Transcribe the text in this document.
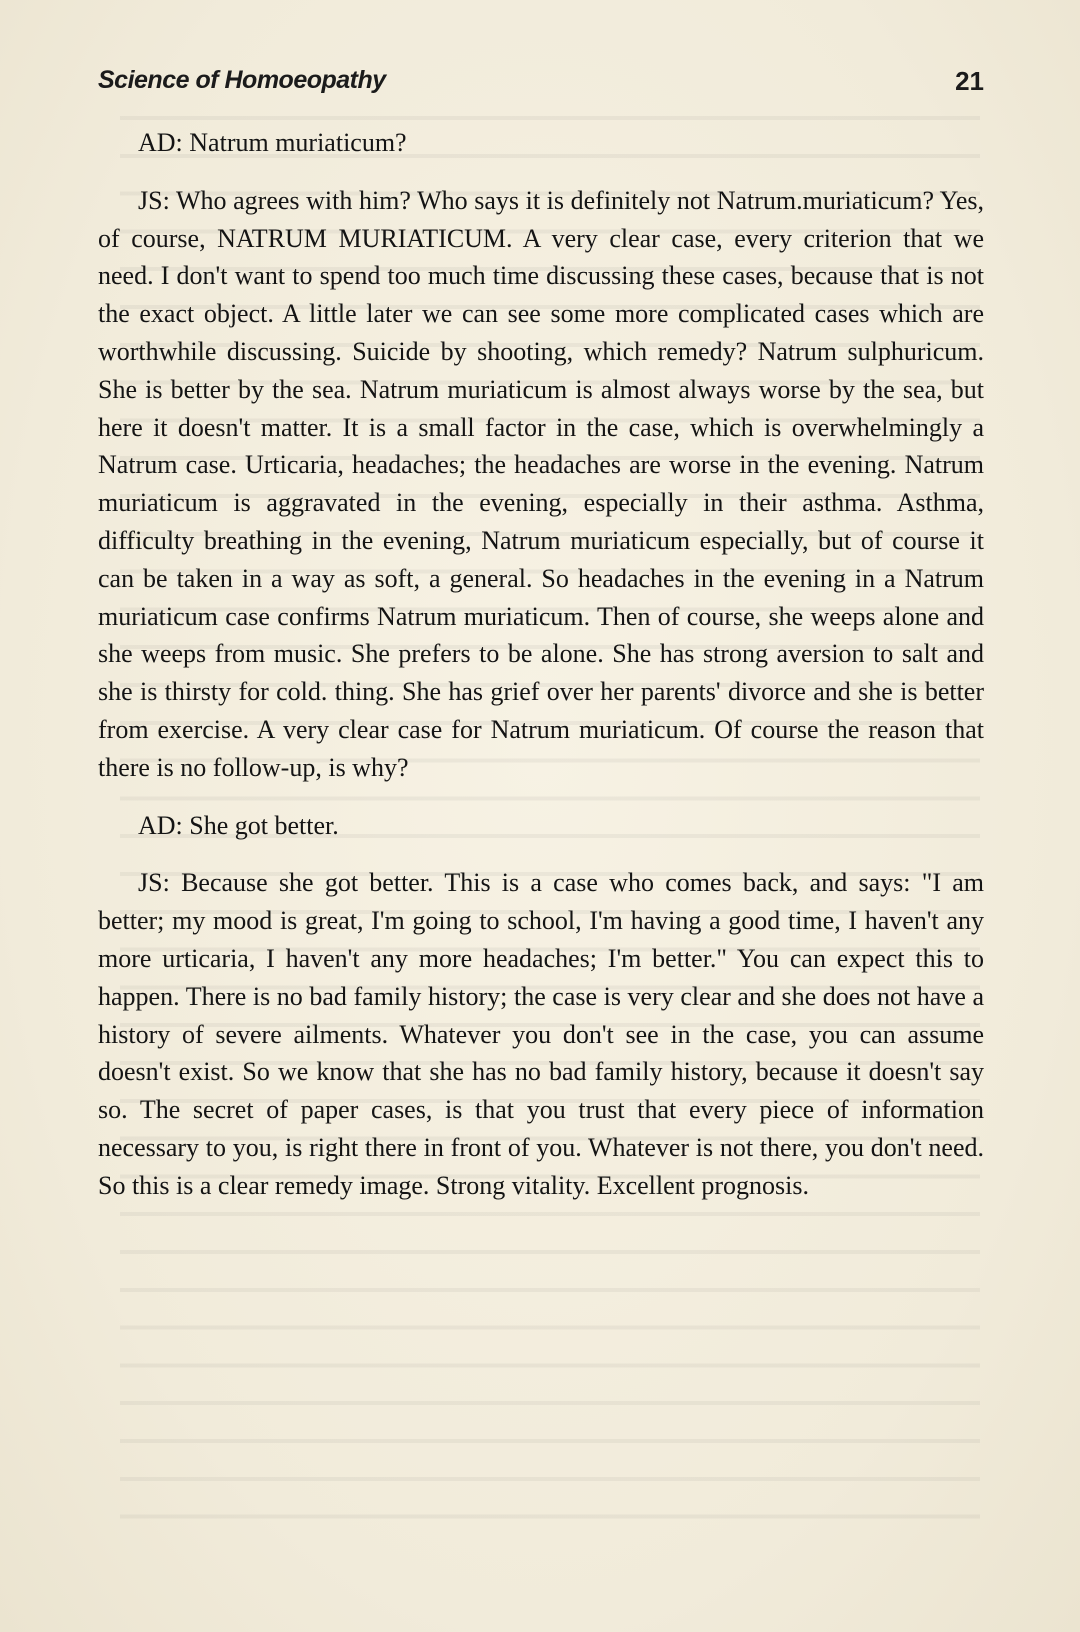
Science of Homoeopathy	21

AD: Natrum muriaticum?

JS: Who agrees with him? Who says it is definitely not Natrum.muriaticum? Yes, of course, NATRUM MURIATICUM. A very clear case, every criterion that we need. I don't want to spend too much time discussing these cases, because that is not the exact object. A little later we can see some more complicated cases which are worthwhile discussing. Suicide by shooting, which remedy? Natrum sulphuricum. She is better by the sea. Natrum muriaticum is almost always worse by the sea, but here it doesn't matter. It is a small factor in the case, which is overwhelmingly a Natrum case. Urticaria, headaches; the headaches are worse in the evening. Natrum muriaticum is aggravated in the evening, especially in their asthma. Asthma, difficulty breathing in the evening, Natrum muriaticum especially, but of course it can be taken in a way as soft, a general. So headaches in the evening in a Natrum muriaticum case confirms Natrum muriaticum. Then of course, she weeps alone and she weeps from music. She prefers to be alone. She has strong aversion to salt and she is thirsty for cold. thing. She has grief over her parents' divorce and she is better from exercise. A very clear case for Natrum muriaticum. Of course the reason that there is no follow-up, is why?

AD: She got better.

JS: Because she got better. This is a case who comes back, and says: "I am better; my mood is great, I'm going to school, I'm having a good time, I haven't any more urticaria, I haven't any more headaches; I'm better." You can expect this to happen. There is no bad family history; the case is very clear and she does not have a history of severe ailments. Whatever you don't see in the case, you can assume doesn't exist. So we know that she has no bad family history, because it doesn't say so. The secret of paper cases, is that you trust that every piece of information necessary to you, is right there in front of you. Whatever is not there, you don't need. So this is a clear remedy image. Strong vitality. Excellent prognosis.
